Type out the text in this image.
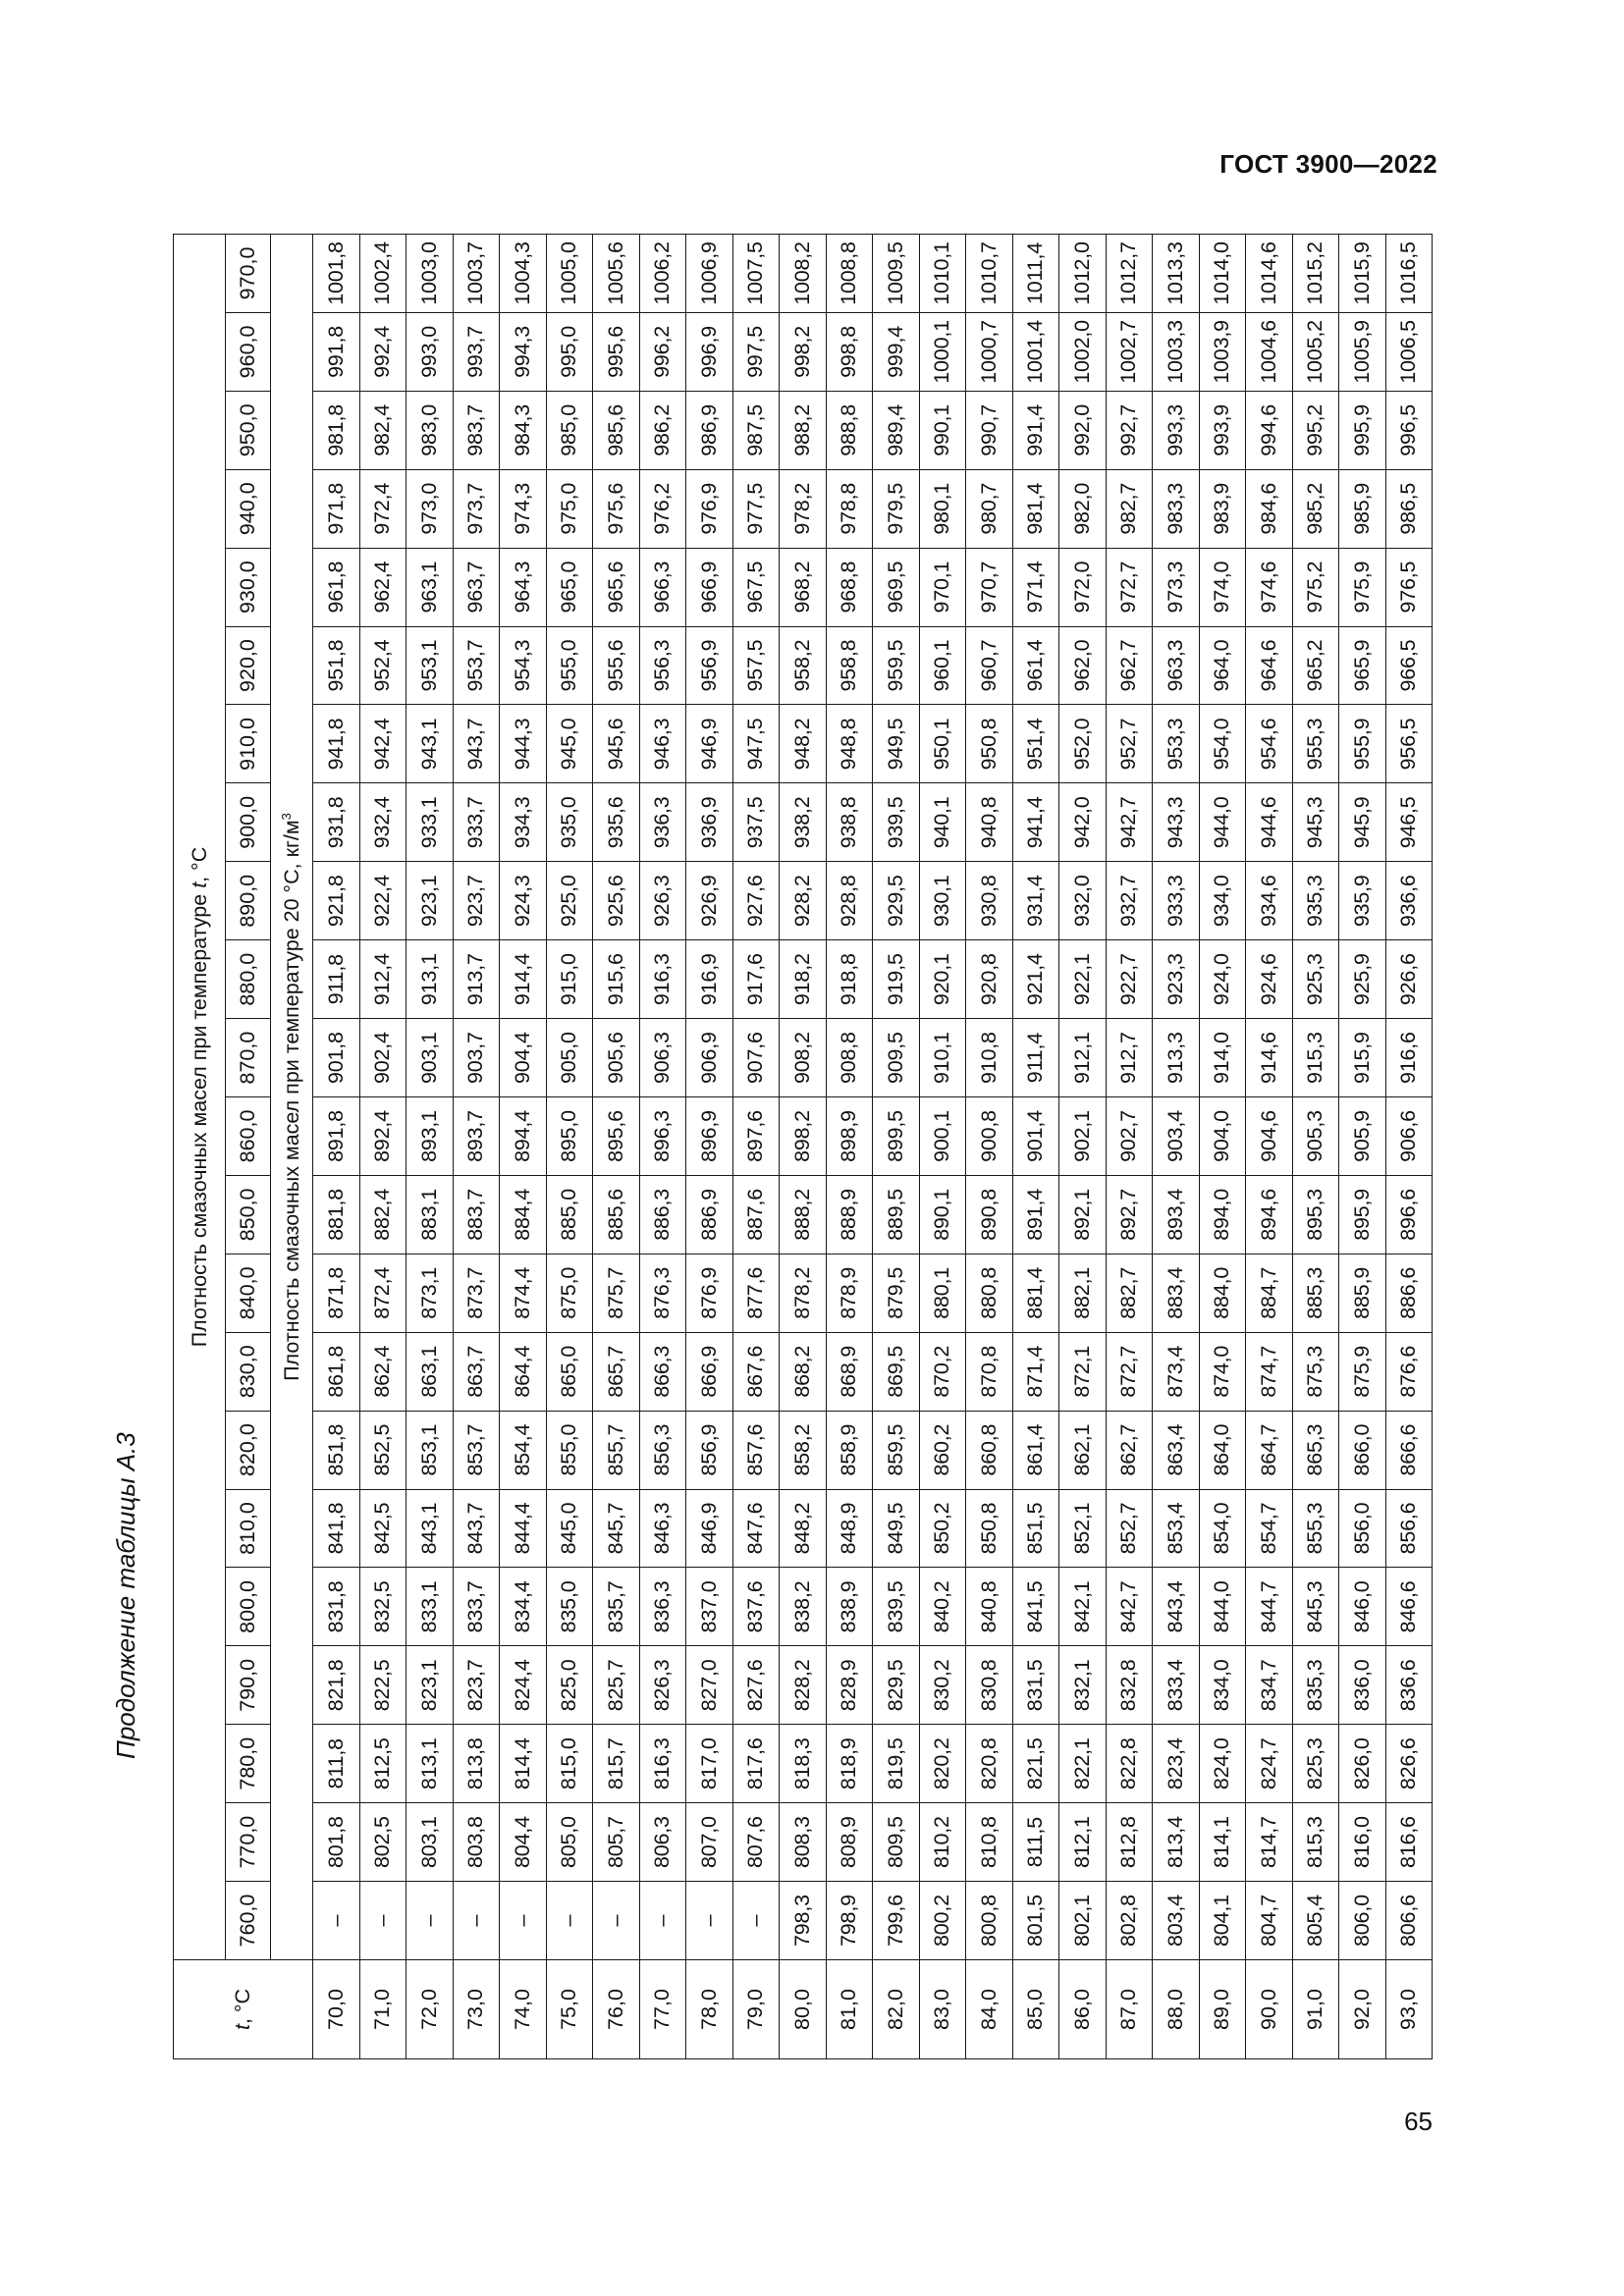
ГОСТ 3900—2022
Продолжение таблицы А.3
t, °C	Плотность смазочных масел при температуре t, °C																					
	760,0	770,0	780,0	790,0	800,0	810,0	820,0	830,0	840,0	850,0	860,0	870,0	880,0	890,0	900,0	910,0	920,0	930,0	940,0	950,0	960,0	970,0
	Плотность смазочных масел при температуре 20 °С, $кг/м^3$
70,0	–	801,8	811,8	821,8	831,8	841,8	851,8	861,8	871,8	881,8	891,8	901,8	911,8	921,8	931,8	941,8	951,8	961,8	971,8	981,8	991,8	1001,8
71,0	–	802,5	812,5	822,5	832,5	842,5	852,5	862,4	872,4	882,4	892,4	902,4	912,4	922,4	932,4	942,4	952,4	962,4	972,4	982,4	992,4	1002,4
72,0	–	803,1	813,1	823,1	833,1	843,1	853,1	863,1	873,1	883,1	893,1	903,1	913,1	923,1	933,1	943,1	953,1	963,1	973,0	983,0	993,0	1003,0
73,0	–	803,8	813,8	823,7	833,7	843,7	853,7	863,7	873,7	883,7	893,7	903,7	913,7	923,7	933,7	943,7	953,7	963,7	973,7	983,7	993,7	1003,7
74,0	–	804,4	814,4	824,4	834,4	844,4	854,4	864,4	874,4	884,4	894,4	904,4	914,4	924,3	934,3	944,3	954,3	964,3	974,3	984,3	994,3	1004,3
75,0	–	805,0	815,0	825,0	835,0	845,0	855,0	865,0	875,0	885,0	895,0	905,0	915,0	925,0	935,0	945,0	955,0	965,0	975,0	985,0	995,0	1005,0
76,0	–	805,7	815,7	825,7	835,7	845,7	855,7	865,7	875,7	885,6	895,6	905,6	915,6	925,6	935,6	945,6	955,6	965,6	975,6	985,6	995,6	1005,6
77,0	–	806,3	816,3	826,3	836,3	846,3	856,3	866,3	876,3	886,3	896,3	906,3	916,3	926,3	936,3	946,3	956,3	966,3	976,2	986,2	996,2	1006,2
78,0	–	807,0	817,0	827,0	837,0	846,9	856,9	866,9	876,9	886,9	896,9	906,9	916,9	926,9	936,9	946,9	956,9	966,9	976,9	986,9	996,9	1006,9
79,0	–	807,6	817,6	827,6	837,6	847,6	857,6	867,6	877,6	887,6	897,6	907,6	917,6	927,6	937,5	947,5	957,5	967,5	977,5	987,5	997,5	1007,5
80,0	798,3	808,3	818,3	828,2	838,2	848,2	858,2	868,2	878,2	888,2	898,2	908,2	918,2	928,2	938,2	948,2	958,2	968,2	978,2	988,2	998,2	1008,2
81,0	798,9	808,9	818,9	828,9	838,9	848,9	858,9	868,9	878,9	888,9	898,9	908,8	918,8	928,8	938,8	948,8	958,8	968,8	978,8	988,8	998,8	1008,8
82,0	799,6	809,5	819,5	829,5	839,5	849,5	859,5	869,5	879,5	889,5	899,5	909,5	919,5	929,5	939,5	949,5	959,5	969,5	979,5	989,4	999,4	1009,5
83,0	800,2	810,2	820,2	830,2	840,2	850,2	860,2	870,2	880,1	890,1	900,1	910,1	920,1	930,1	940,1	950,1	960,1	970,1	980,1	990,1	1000,1	1010,1
84,0	800,8	810,8	820,8	830,8	840,8	850,8	860,8	870,8	880,8	890,8	900,8	910,8	920,8	930,8	940,8	950,8	960,7	970,7	980,7	990,7	1000,7	1010,7
85,0	801,5	811,5	821,5	831,5	841,5	851,5	861,4	871,4	881,4	891,4	901,4	911,4	921,4	931,4	941,4	951,4	961,4	971,4	981,4	991,4	1001,4	1011,4
86,0	802,1	812,1	822,1	832,1	842,1	852,1	862,1	872,1	882,1	892,1	902,1	912,1	922,1	932,0	942,0	952,0	962,0	972,0	982,0	992,0	1002,0	1012,0
87,0	802,8	812,8	822,8	832,8	842,7	852,7	862,7	872,7	882,7	892,7	902,7	912,7	922,7	932,7	942,7	952,7	962,7	972,7	982,7	992,7	1002,7	1012,7
88,0	803,4	813,4	823,4	833,4	843,4	853,4	863,4	873,4	883,4	893,4	903,4	913,3	923,3	933,3	943,3	953,3	963,3	973,3	983,3	993,3	1003,3	1013,3
89,0	804,1	814,1	824,0	834,0	844,0	854,0	864,0	874,0	884,0	894,0	904,0	914,0	924,0	934,0	944,0	954,0	964,0	974,0	983,9	993,9	1003,9	1014,0
90,0	804,7	814,7	824,7	834,7	844,7	854,7	864,7	874,7	884,7	894,6	904,6	914,6	924,6	934,6	944,6	954,6	964,6	974,6	984,6	994,6	1004,6	1014,6
91,0	805,4	815,3	825,3	835,3	845,3	855,3	865,3	875,3	885,3	895,3	905,3	915,3	925,3	935,3	945,3	955,3	965,2	975,2	985,2	995,2	1005,2	1015,2
92,0	806,0	816,0	826,0	836,0	846,0	856,0	866,0	875,9	885,9	895,9	905,9	915,9	925,9	935,9	945,9	955,9	965,9	975,9	985,9	995,9	1005,9	1015,9
93,0	806,6	816,6	826,6	836,6	846,6	856,6	866,6	876,6	886,6	896,6	906,6	916,6	926,6	936,6	946,5	956,5	966,5	976,5	986,5	996,5	1006,5	1016,5
65
